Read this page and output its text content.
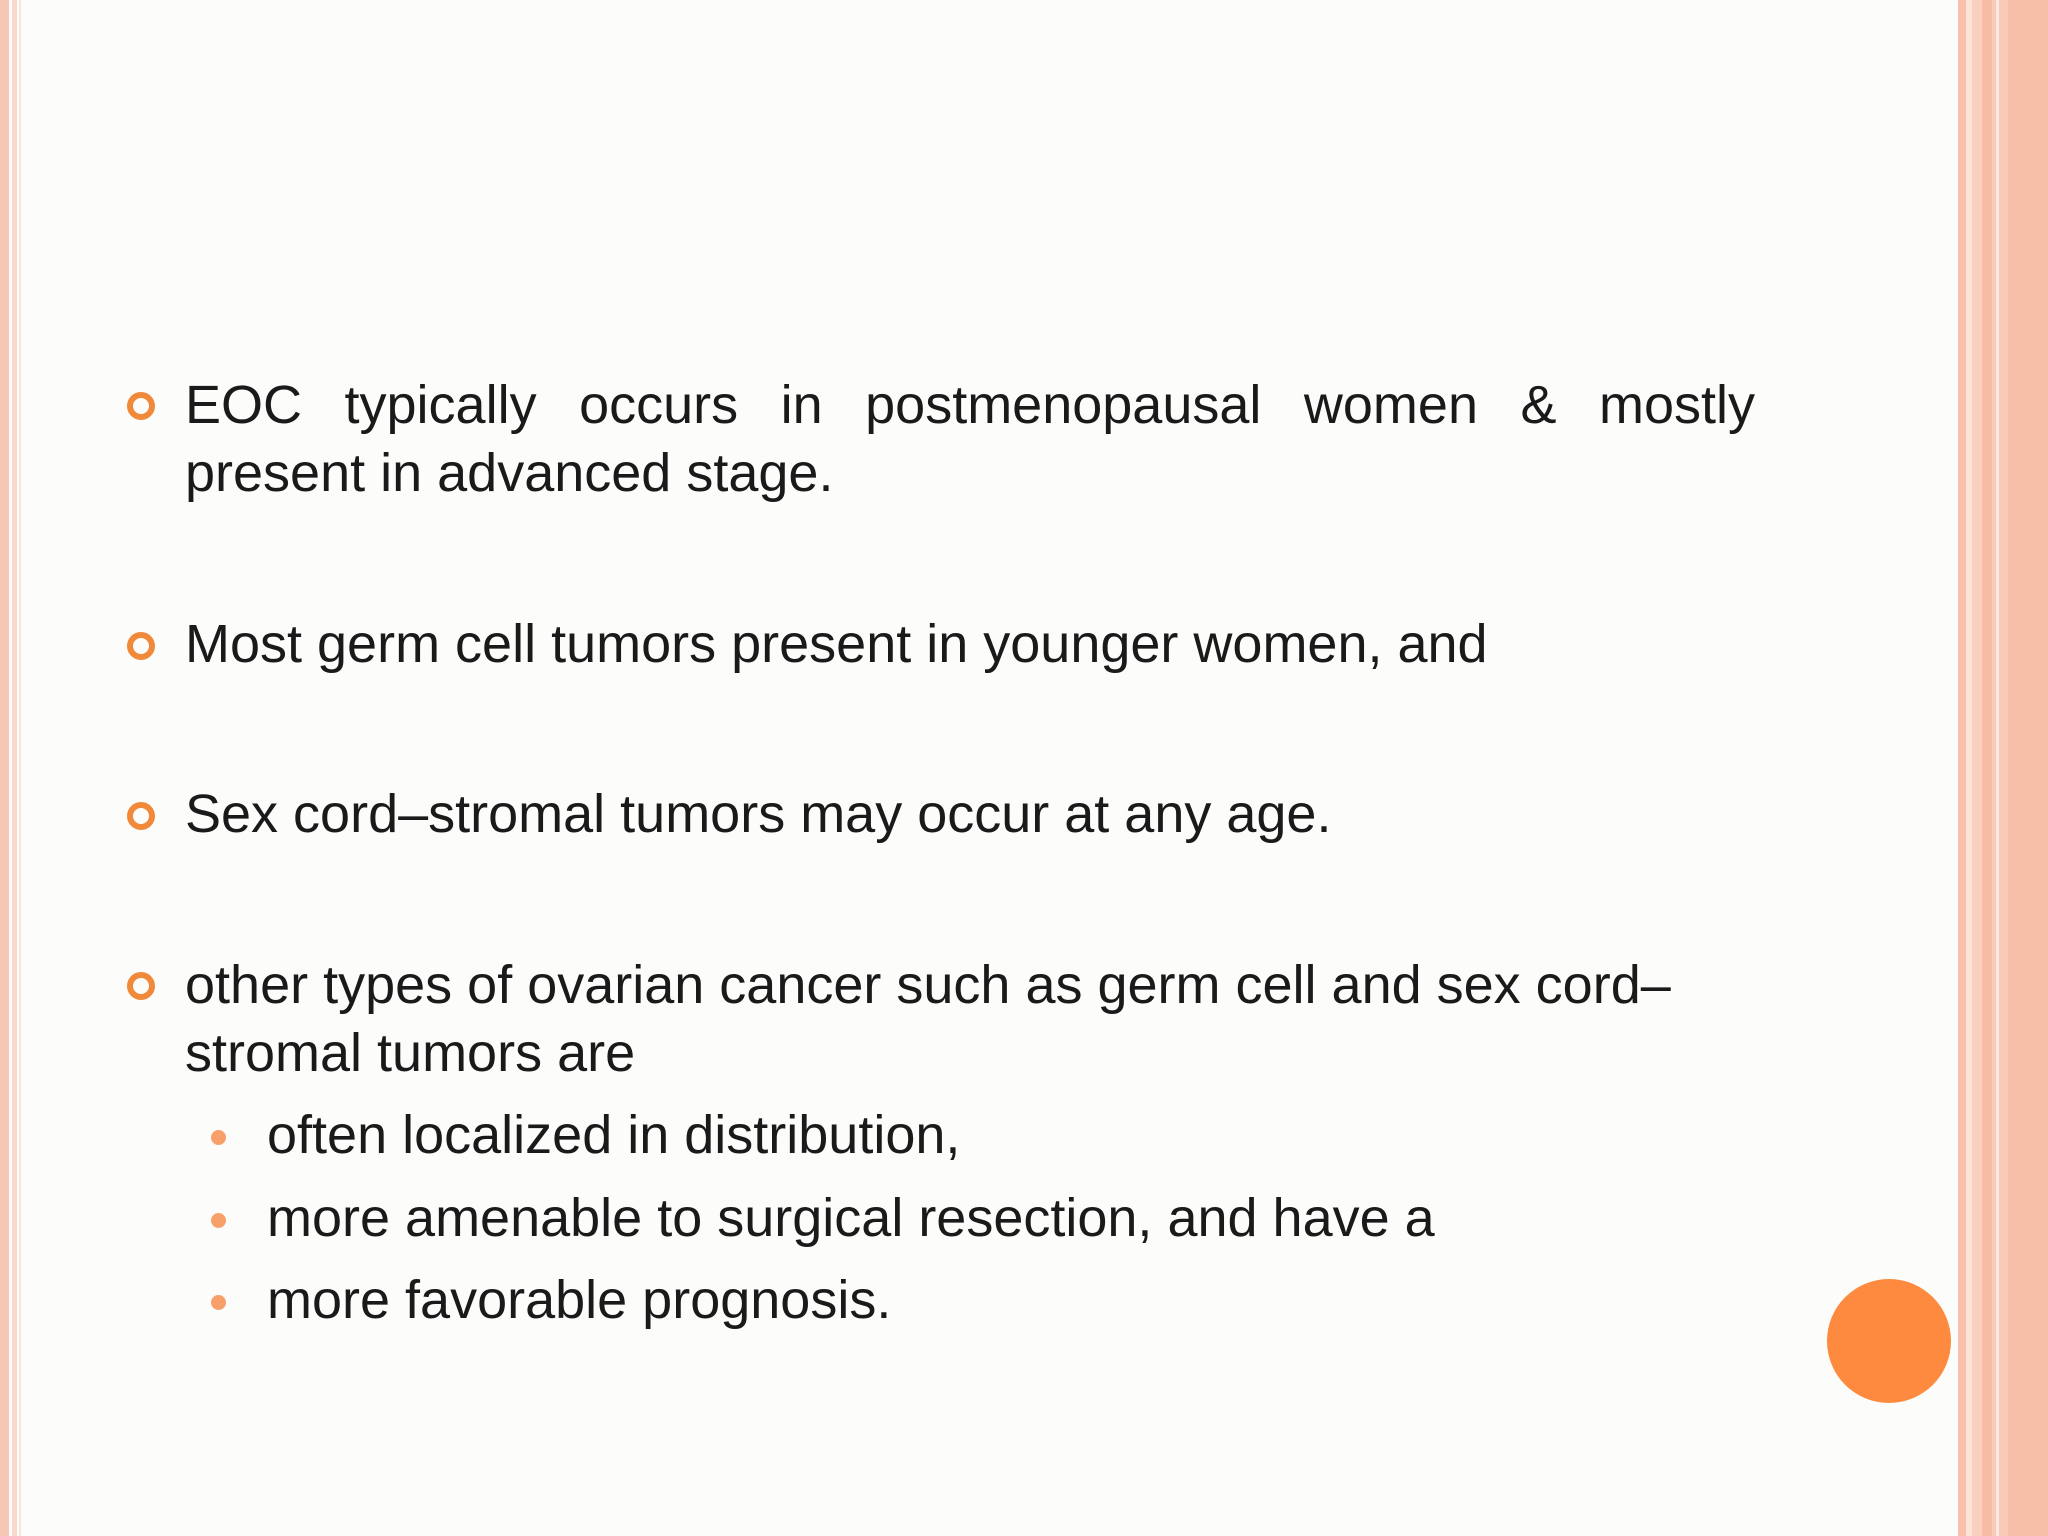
EOC typically occurs in postmenopausal women & mostly present in advanced stage.
Most germ cell tumors present in younger women, and
Sex cord–stromal tumors may occur at any age.
other types of ovarian cancer such as germ cell and sex cord– stromal tumors are
often localized in distribution,
more amenable to surgical resection, and have a
more favorable prognosis.
